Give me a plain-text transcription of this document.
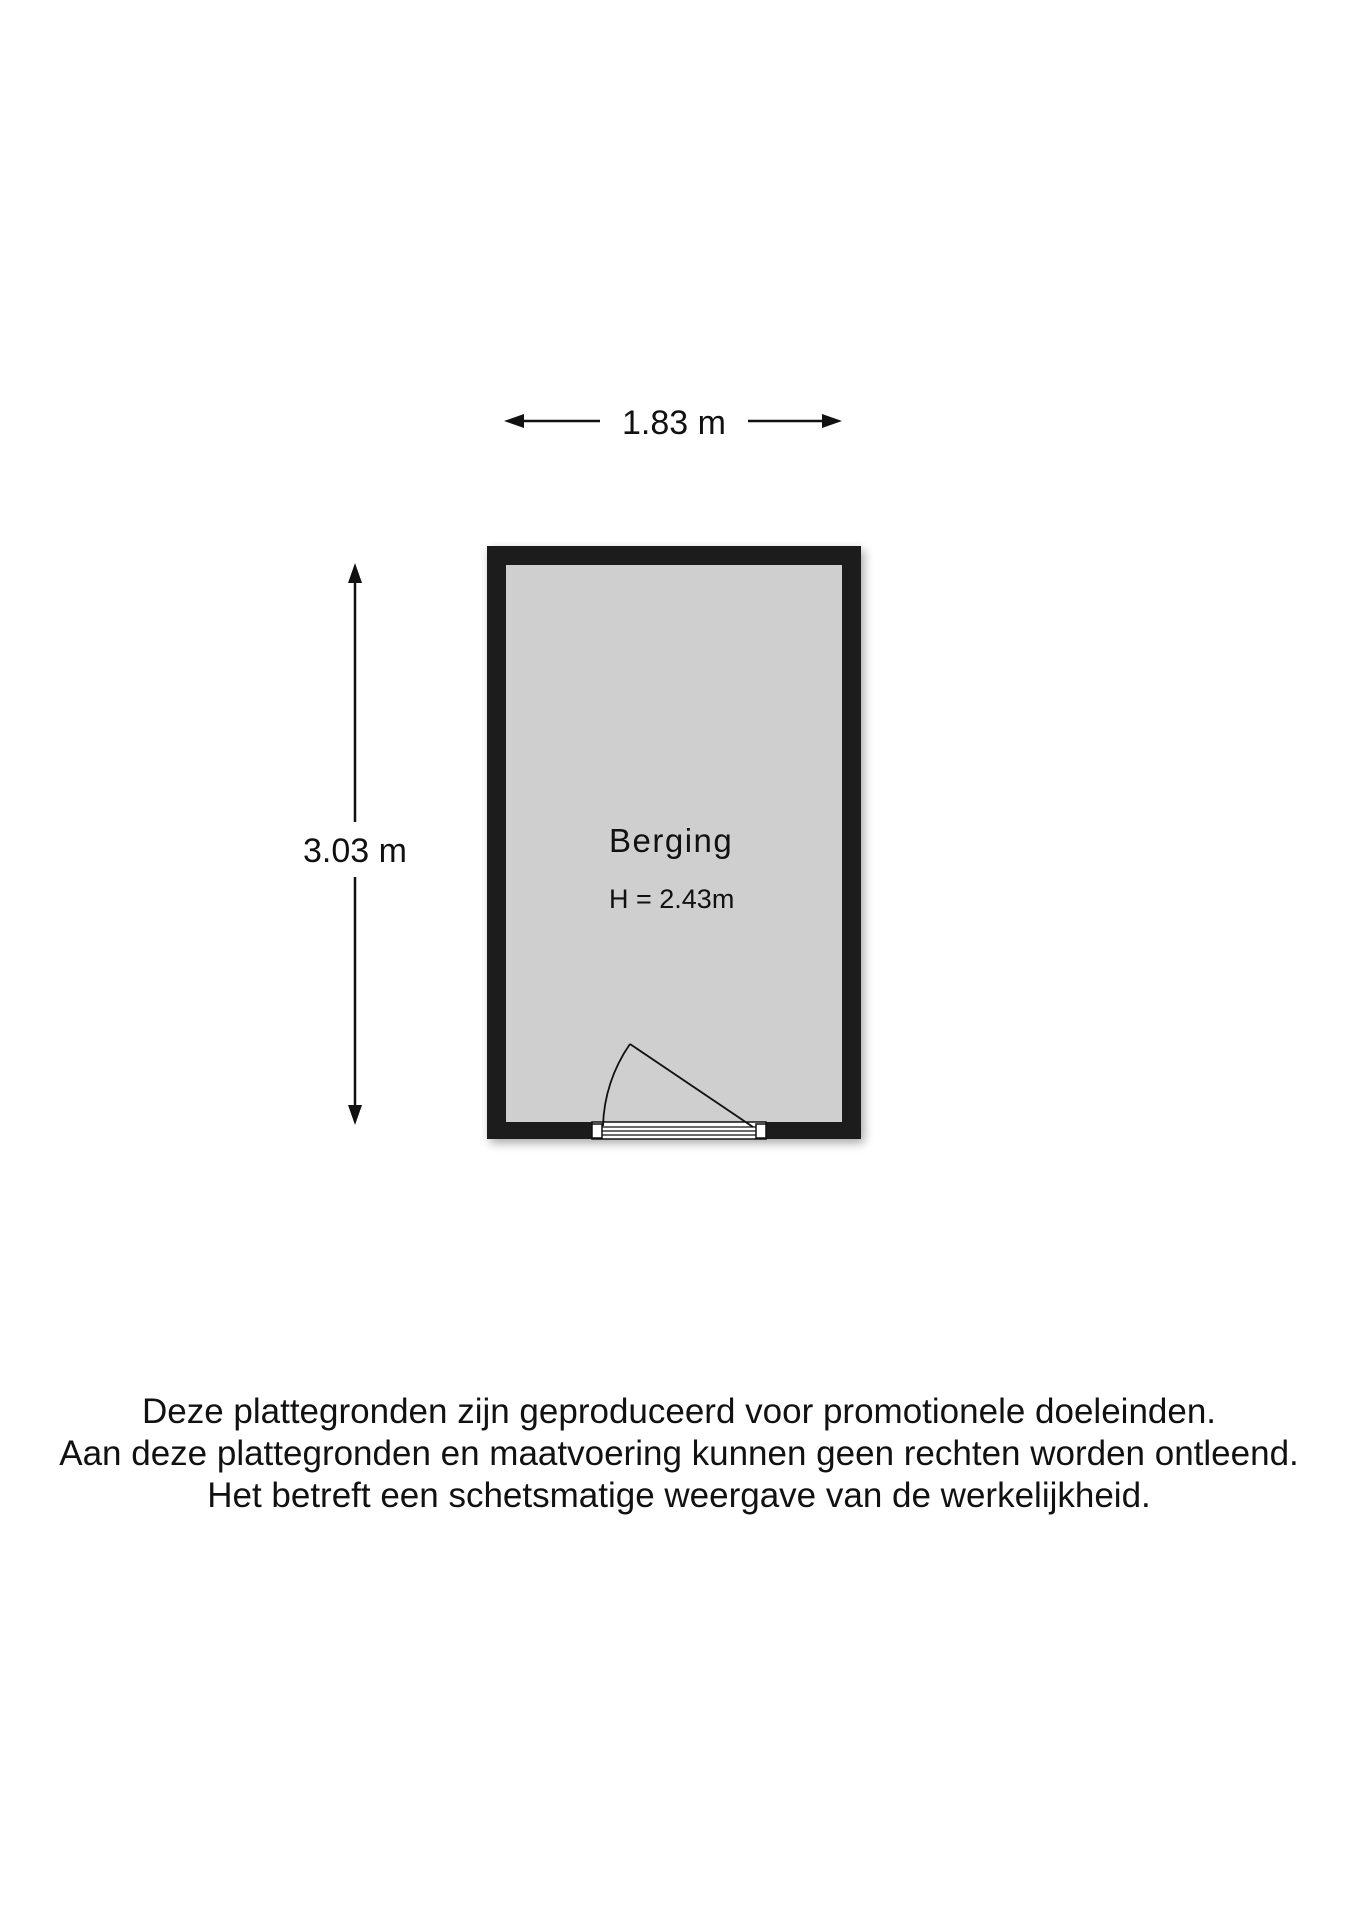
1.83 m
3.03 m	Berging
H = 2.43m
Deze plattegronden zijn geproduceerd voor promotionele doeleinden.
Aan deze plattegronden en maatvoering kunnen geen rechten worden ontleend.
Het betreft een schetsmatige weergave van de werkelijkheid.
